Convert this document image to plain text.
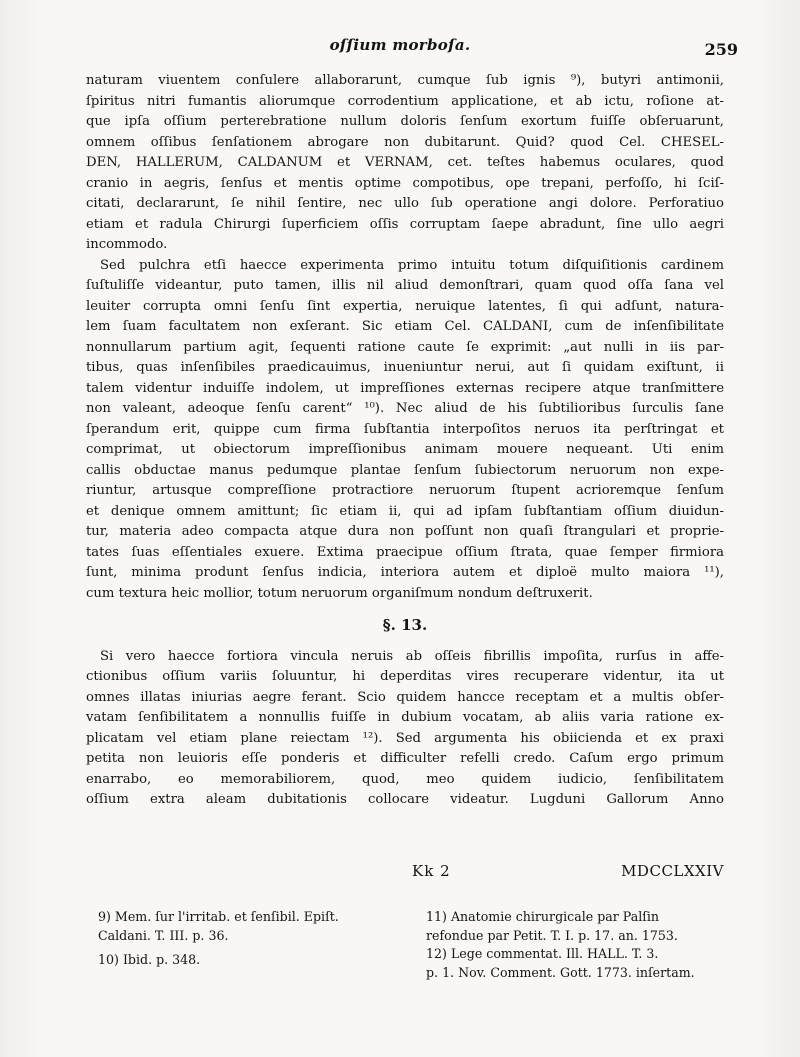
oſſium morboſa.	259
naturam viuentem conſulere allaborarunt, cumque ſub ignis ⁹), butyri antimonii,
ſpiritus nitri fumantis aliorumque corrodentium applicatione, et ab ictu, roſione at-
que ipſa oſſium perterebratione nullum doloris ſenſum exortum fuiſſe obſeruarunt,
omnem oſſibus ſenſationem abrogare non dubitarunt. Quid? quod Cel. CHESEL-
DEN, HALLERUM, CALDANUM et VERNAM, cet. teſtes habemus oculares, quod
cranio in aegris, ſenſus et mentis optime compotibus, ope trepani, perfoſſo, hi ſciſ-
citati, declararunt, ſe nihil ſentire, nec ullo ſub operatione angi dolore. Perforatiuo
etiam et radula Chirurgi ſuperficiem oſſis corruptam ſaepe abradunt, ſine ullo aegri
incommodo.
Sed pulchra etſi haecce experimenta primo intuitu totum diſquiſitionis cardinem
ſuſtuliſſe videantur, puto tamen, illis nil aliud demonſtrari, quam quod oſſa ſana vel
leuiter corrupta omni ſenſu ſint expertia, neruique latentes, ſi qui adſunt, natura-
lem ſuam facultatem non exſerant. Sic etiam Cel. CALDANI, cum de inſenſibilitate
nonnullarum partium agit, ſequenti ratione caute ſe exprimit: „aut nulli in iis par-
tibus, quas inſenſibiles praedicauimus, inueniuntur nerui, aut ſi quidam exiſtunt, ii
talem videntur induiſſe indolem, ut impreſſiones externas recipere atque tranſmittere
non valeant, adeoque ſenſu carent“ ¹⁰). Nec aliud de his ſubtilioribus ſurculis ſane
ſperandum erit, quippe cum firma ſubſtantia interpoſitos neruos ita perſtringat et
comprimat, ut obiectorum impreſſionibus animam mouere nequeant. Uti enim
callis obductae manus pedumque plantae ſenſum ſubiectorum neruorum non expe-
riuntur, artusque compreſſione protractiore neruorum ſtupent acrioremque ſenſum
et denique omnem amittunt; ſic etiam ii, qui ad ipſam ſubſtantiam oſſium diuidun-
tur, materia adeo compacta atque dura non poſſunt non quaſi ſtrangulari et proprie-
tates ſuas eſſentiales exuere. Extima praecipue oſſium ſtrata, quae ſemper firmiora
ſunt, minima produnt ſenſus indicia, interiora autem et diploë multo maiora ¹¹),
cum textura heic mollior, totum neruorum organiſmum nondum deſtruxerit.
§. 13.
Si vero haecce fortiora vincula neruis ab oſſeis fibrillis impoſita, rurſus in affe-
ctionibus oſſium variis ſoluuntur, hi deperditas vires recuperare videntur, ita ut
omnes illatas iniurias aegre ferant. Scio quidem hancce receptam et a multis obſer-
vatam ſenſibilitatem a nonnullis fuiſſe in dubium vocatam, ab aliis varia ratione ex-
plicatam vel etiam plane reiectam ¹²). Sed argumenta his obiicienda et ex praxi
petita non leuioris eſſe ponderis et difficulter refelli credo. Caſum ergo primum
enarrabo, eo memorabiliorem, quod, meo quidem iudicio, ſenſibilitatem
oſſium extra aleam dubitationis collocare videatur. Lugduni Gallorum Anno
Kk 2	MDCCLXXIV
9) Mem. ſur l'irritab. et ſenſibil. Epiſt.
Caldani. T. III. p. 36.
10) Ibid. p. 348.
11) Anatomie chirurgicale par Palſin
refondue par Petit. T. I. p. 17. an. 1753.
12) Lege commentat. Ill. HALL. T. 3.
p. 1. Nov. Comment. Gott. 1773. inſertam.
